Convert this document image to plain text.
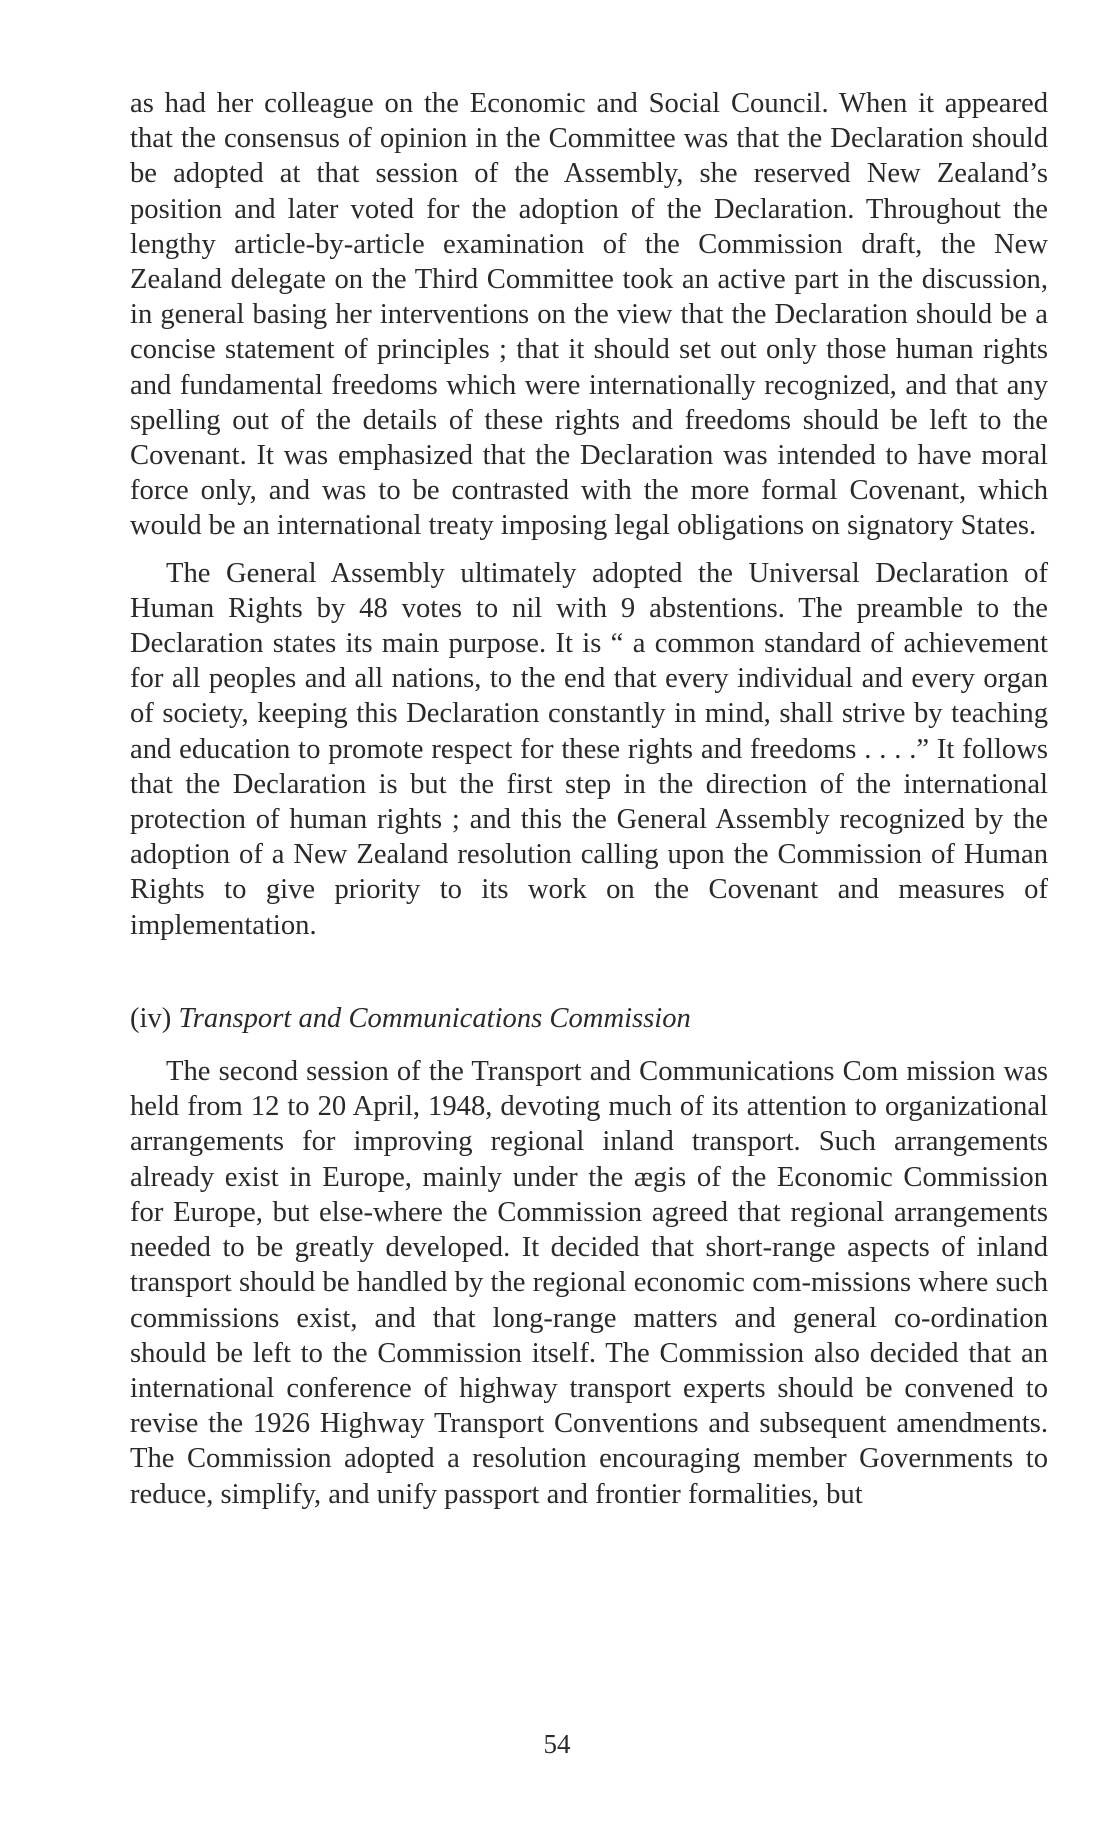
as had her colleague on the Economic and Social Council. When it appeared that the consensus of opinion in the Committee was that the Declaration should be adopted at that session of the Assembly, she reserved New Zealand’s position and later voted for the adoption of the Declaration. Throughout the lengthy article-by-article examination of the Commission draft, the New Zealand delegate on the Third Committee took an active part in the discussion, in general basing her interventions on the view that the Declaration should be a concise statement of principles ; that it should set out only those human rights and fundamental freedoms which were internationally recognized, and that any spelling out of the details of these rights and freedoms should be left to the Covenant. It was emphasized that the Declaration was intended to have moral force only, and was to be contrasted with the more formal Covenant, which would be an international treaty imposing legal obligations on signatory States.

The General Assembly ultimately adopted the Universal Declaration of Human Rights by 48 votes to nil with 9 abstentions. The preamble to the Declaration states its main purpose. It is “ a common standard of achievement for all peoples and all nations, to the end that every individual and every organ of society, keeping this Declaration constantly in mind, shall strive by teaching and education to promote respect for these rights and freedoms . . . .” It follows that the Declaration is but the first step in the direction of the international protection of human rights ; and this the General Assembly recognized by the adoption of a New Zealand resolution calling upon the Commission of Human Rights to give priority to its work on the Covenant and measures of implementation.

(iv) Transport and Communications Commission

The second session of the Transport and Communications Com mission was held from 12 to 20 April, 1948, devoting much of its attention to organizational arrangements for improving regional inland transport. Such arrangements already exist in Europe, mainly under the ægis of the Economic Commission for Europe, but else-where the Commission agreed that regional arrangements needed to be greatly developed. It decided that short-range aspects of inland transport should be handled by the regional economic com-missions where such commissions exist, and that long-range matters and general co-ordination should be left to the Commission itself. The Commission also decided that an international conference of highway transport experts should be convened to revise the 1926 Highway Transport Conventions and subsequent amendments. The Commission adopted a resolution encouraging member Governments to reduce, simplify, and unify passport and frontier formalities, but

54
